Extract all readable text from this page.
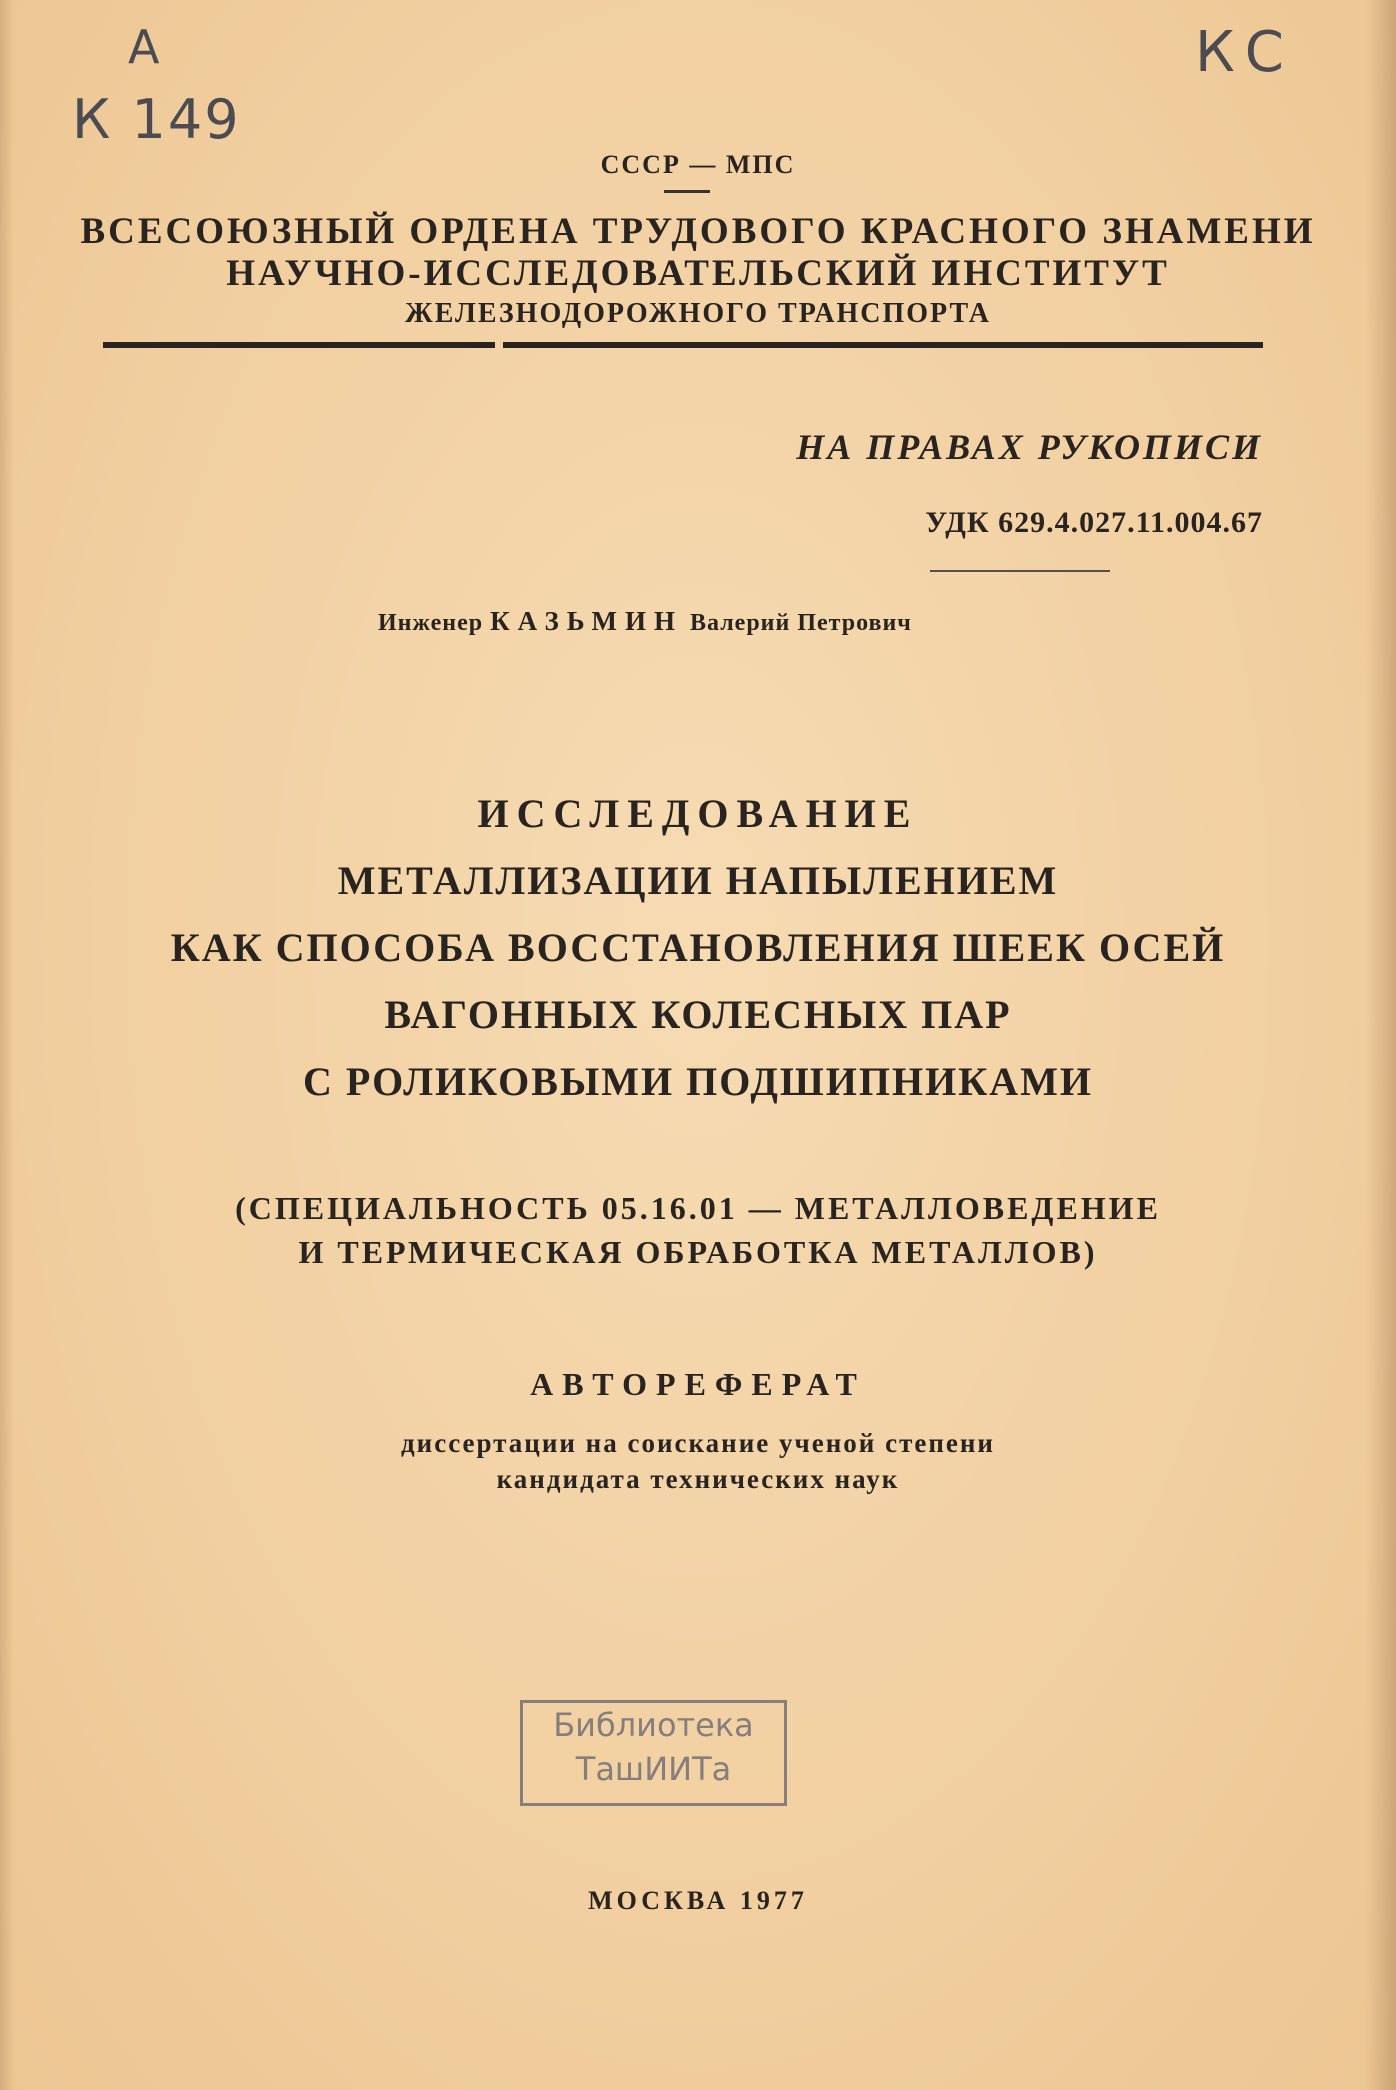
А
К 149
КС
СССР — МПС
ВСЕСОЮЗНЫЙ ОРДЕНА ТРУДОВОГО КРАСНОГО ЗНАМЕНИ
НАУЧНО-ИССЛЕДОВАТЕЛЬСКИЙ ИНСТИТУТ
ЖЕЛЕЗНОДОРОЖНОГО ТРАНСПОРТА
НА ПРАВАХ РУКОПИСИ
УДК 629.4.027.11.004.67
Инженер КАЗЬМИН Валерий Петрович
ИССЛЕДОВАНИЕ
МЕТАЛЛИЗАЦИИ НАПЫЛЕНИЕМ
КАК СПОСОБА ВОССТАНОВЛЕНИЯ ШЕЕК ОСЕЙ
ВАГОННЫХ КОЛЕСНЫХ ПАР
С РОЛИКОВЫМИ ПОДШИПНИКАМИ
(СПЕЦИАЛЬНОСТЬ 05.16.01 — МЕТАЛЛОВЕДЕНИЕ
И ТЕРМИЧЕСКАЯ ОБРАБОТКА МЕТАЛЛОВ)
АВТОРЕФЕРАТ
диссертации на соискание ученой степени
кандидата технических наук
Библиотека
ТашИИТа
МОСКВА 1977
